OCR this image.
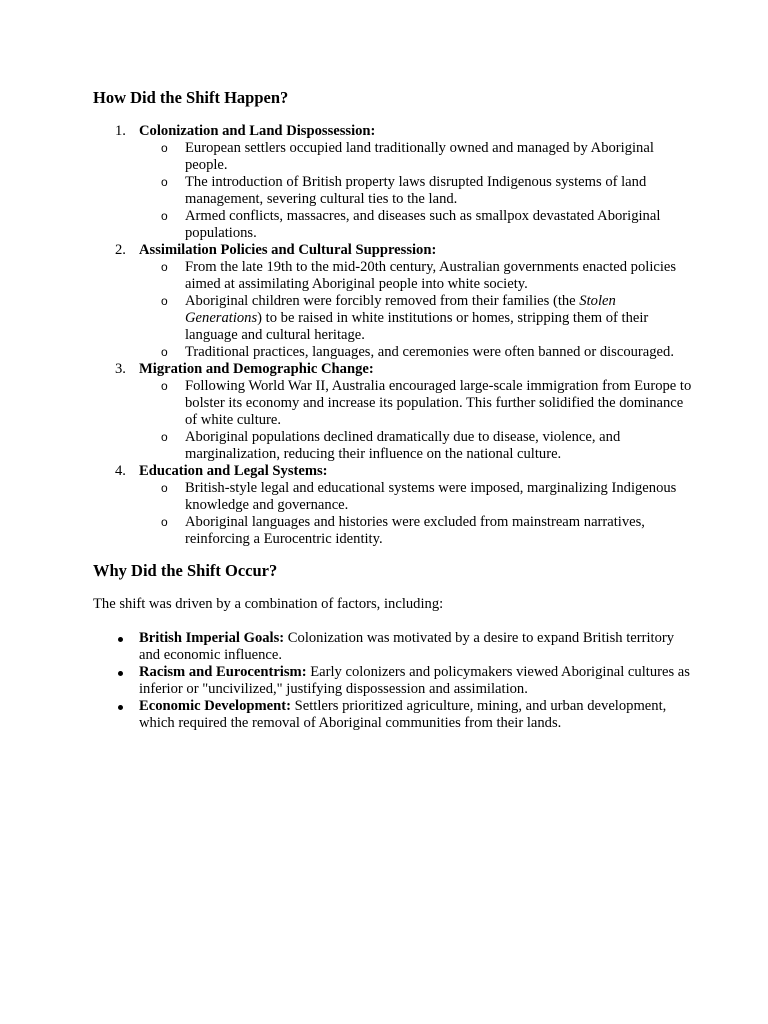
How Did the Shift Happen?
1. Colonization and Land Dispossession:
o European settlers occupied land traditionally owned and managed by Aboriginal people.
o The introduction of British property laws disrupted Indigenous systems of land management, severing cultural ties to the land.
o Armed conflicts, massacres, and diseases such as smallpox devastated Aboriginal populations.
2. Assimilation Policies and Cultural Suppression:
o From the late 19th to the mid-20th century, Australian governments enacted policies aimed at assimilating Aboriginal people into white society.
o Aboriginal children were forcibly removed from their families (the Stolen Generations) to be raised in white institutions or homes, stripping them of their language and cultural heritage.
o Traditional practices, languages, and ceremonies were often banned or discouraged.
3. Migration and Demographic Change:
o Following World War II, Australia encouraged large-scale immigration from Europe to bolster its economy and increase its population. This further solidified the dominance of white culture.
o Aboriginal populations declined dramatically due to disease, violence, and marginalization, reducing their influence on the national culture.
4. Education and Legal Systems:
o British-style legal and educational systems were imposed, marginalizing Indigenous knowledge and governance.
o Aboriginal languages and histories were excluded from mainstream narratives, reinforcing a Eurocentric identity.
Why Did the Shift Occur?

The shift was driven by a combination of factors, including:

British Imperial Goals: Colonization was motivated by a desire to expand British territory and economic influence.
Racism and Eurocentrism: Early colonizers and policymakers viewed Aboriginal cultures as inferior or "uncivilized," justifying dispossession and assimilation.
Economic Development: Settlers prioritized agriculture, mining, and urban development, which required the removal of Aboriginal communities from their lands.
